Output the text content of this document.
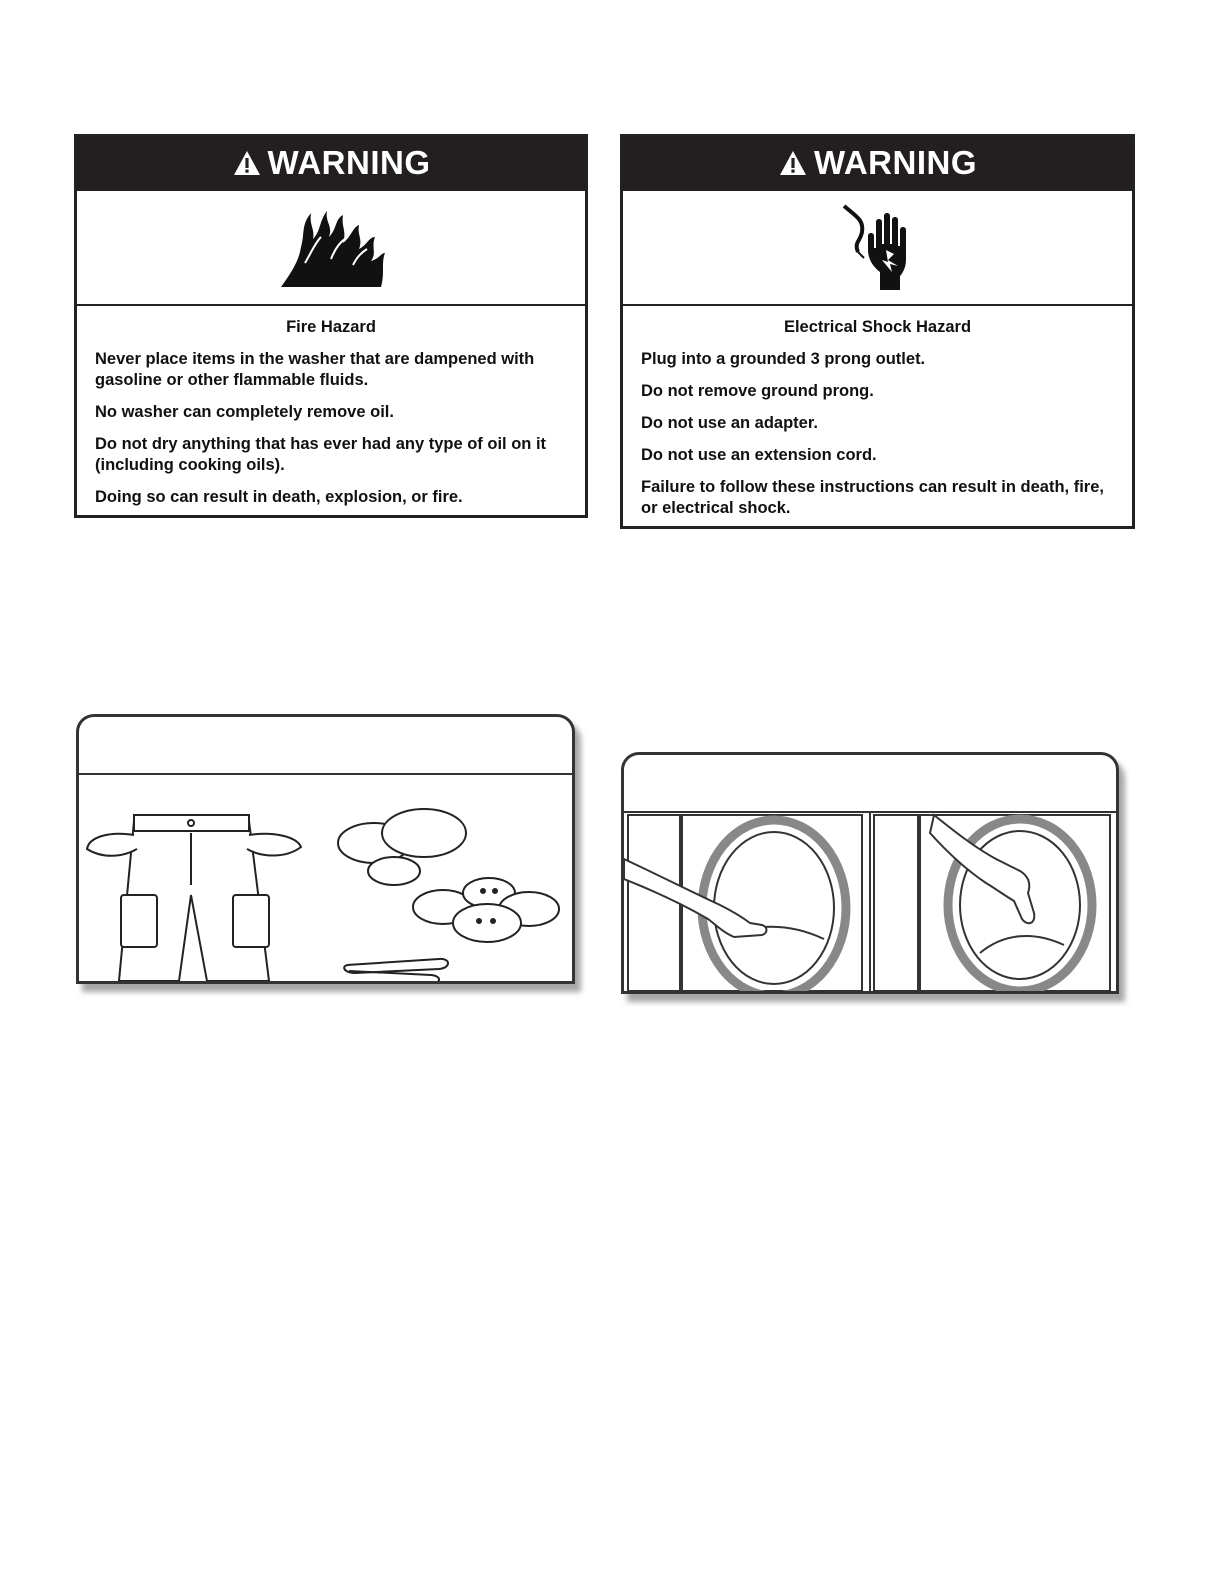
WARNING
Fire Hazard

Never place items in the washer that are dampened with gasoline or other flammable fluids.

No washer can completely remove oil.

Do not dry anything that has ever had any type of oil on it (including cooking oils).

Doing so can result in death, explosion, or fire.

WARNING
Electrical Shock Hazard

Plug into a grounded 3 prong outlet.

Do not remove ground prong.

Do not use an adapter.

Do not use an extension cord.

Failure to follow these instructions can result in death, fire, or electrical shock.
